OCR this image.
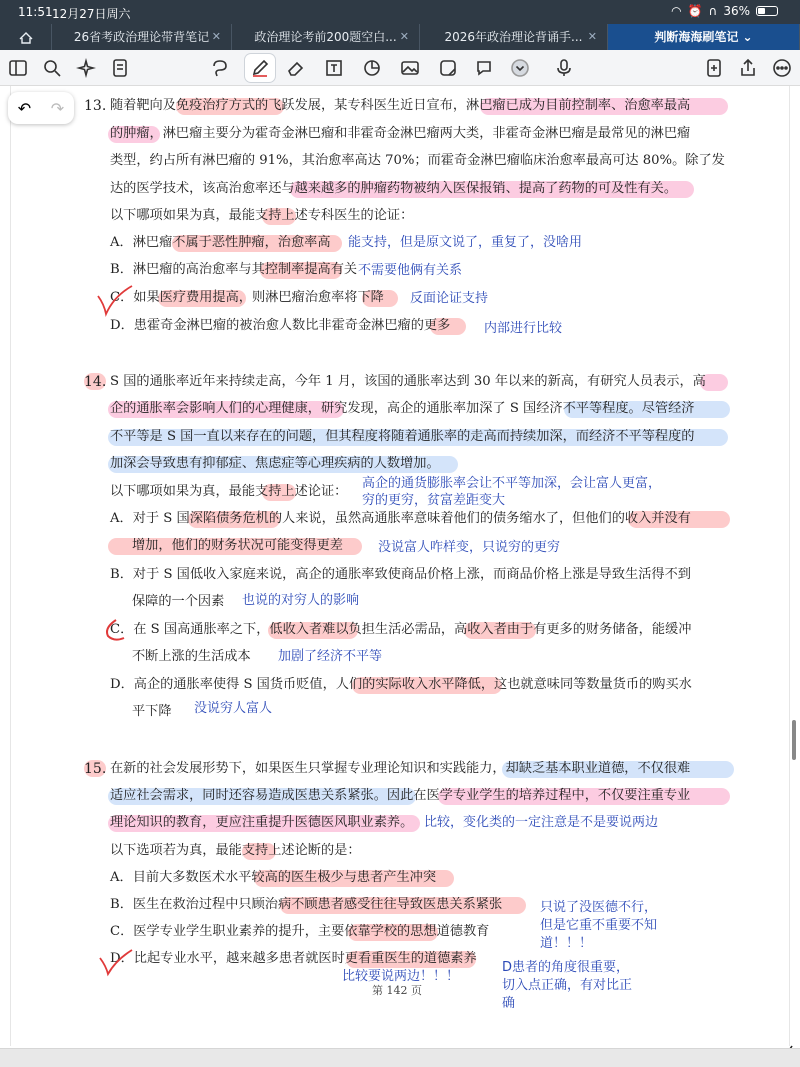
11:51 12月27日周六	◠ ⏰ ∩ 36%
26省考政治理论带背笔记 ✕	政治理论考前200题空白... ✕	2026年政治理论背诵手... ✕	判断海海刷笔记 ⌄
↶ ↷ 13. 随着靶向及免疫治疗方式的飞跃发展，某专科医生近日宣布，淋巴瘤已成为目前控制率、治愈率最高
的肿瘤，淋巴瘤主要分为霍奇金淋巴瘤和非霍奇金淋巴瘤两大类，非霍奇金淋巴瘤是最常见的淋巴瘤
类型，约占所有淋巴瘤的 91%，其治愈率高达 70%；而霍奇金淋巴瘤临床治愈率最高可达 80%。除了发
达的医学技术，该高治愈率还与越来越多的肿瘤药物被纳入医保报销、提高了药物的可及性有关。
以下哪项如果为真，最能支持上述专科医生的论证：
A．淋巴瘤不属于恶性肿瘤，治愈率高
B．淋巴瘤的高治愈率与其控制率提高有关
C．如果医疗费用提高，则淋巴瘤治愈率将下降
D．患霍奇金淋巴瘤的被治愈人数比非霍奇金淋巴瘤的更多
能支持，但是原文说了，重复了，没啥用
不需要他俩有关系
反面论证支持
内部进行比较
14. S 国的通胀率近年来持续走高，今年 1 月，该国的通胀率达到 30 年以来的新高，有研究人员表示，高
企的通胀率会影响人们的心理健康，研究发现，高企的通胀率加深了 S 国经济不平等程度。尽管经济
不平等是 S 国一直以来存在的问题，但其程度将随着通胀率的走高而持续加深，而经济不平等程度的
加深会导致患有抑郁症、焦虑症等心理疾病的人数增加。
以下哪项如果为真，最能支持上述论证：
A．对于 S 国深陷债务危机的人来说，虽然高通胀率意味着他们的债务缩水了，但他们的收入并没有
增加，他们的财务状况可能变得更差
B．对于 S 国低收入家庭来说，高企的通胀率致使商品价格上涨，而商品价格上涨是导致生活得不到
保障的一个因素
C．在 S 国高通胀率之下，低收入者难以负担生活必需品，高收入者由于有更多的财务储备，能缓冲
不断上涨的生活成本
D．高企的通胀率使得 S 国货币贬值，人们的实际收入水平降低，这也就意味同等数量货币的购买水
平下降
高企的通货膨胀率会让不平等加深，会让富人更富，
穷的更穷，贫富差距变大
没说富人咋样变，只说穷的更穷
也说的对穷人的影响
加剧了经济不平等
没说穷人富人
15. 在新的社会发展形势下，如果医生只掌握专业理论知识和实践能力，却缺乏基本职业道德，不仅很难
适应社会需求，同时还容易造成医患关系紧张。因此在医学专业学生的培养过程中，不仅要注重专业
理论知识的教育，更应注重提升医德医风职业素养。
以下选项若为真，最能支持上述论断的是：
A．目前大多数医术水平较高的医生极少与患者产生冲突
B．医生在救治过程中只顾治病不顾患者感受往往导致医患关系紧张
C．医学专业学生职业素养的提升，主要依靠学校的思想道德教育
D．比起专业水平，越来越多患者就医时更看重医生的道德素养
比较，变化类的一定注意是不是要说两边
只说了没医德不行，
但是它重不重要不知
道！！！
D患者的角度很重要，
切入点正确，有对比正
确
比较要说两边！！！
第 142 页
